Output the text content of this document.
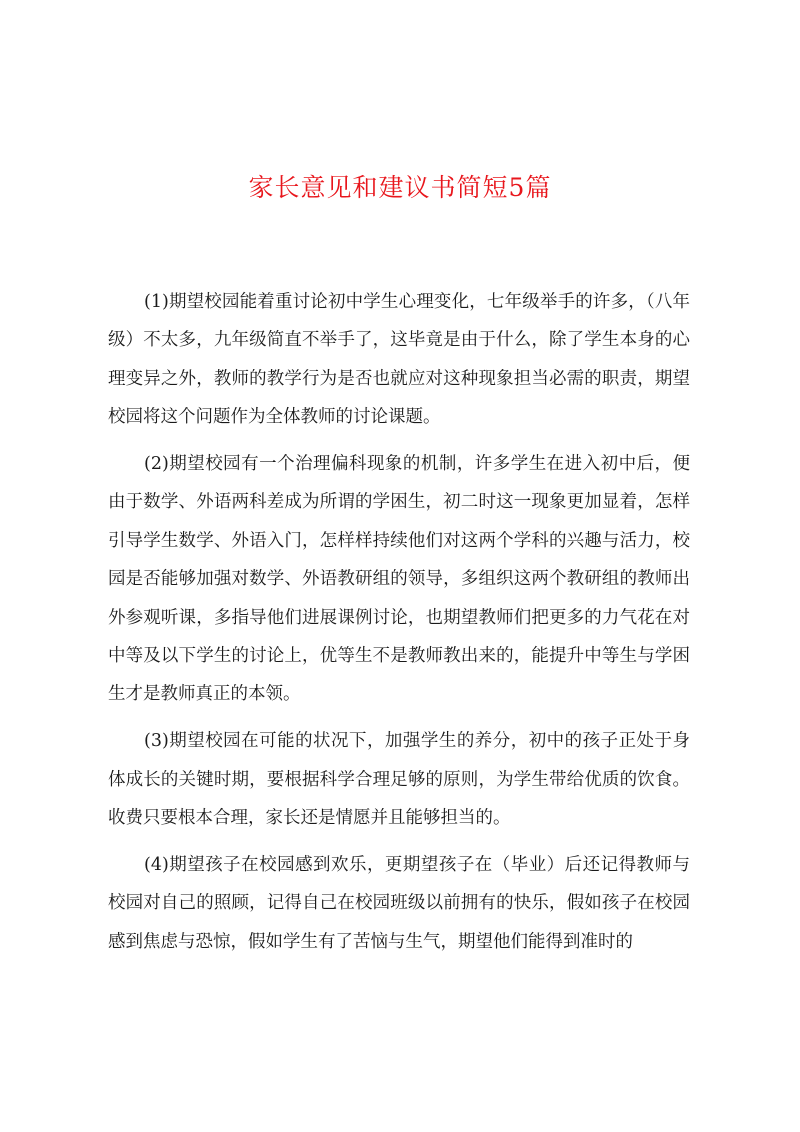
家长意见和建议书简短5篇

(1)期望校园能着重讨论初中学生心理变化，七年级举手的许多，（八年级）不太多，九年级简直不举手了，这毕竟是由于什么，除了学生本身的心理变异之外，教师的教学行为是否也就应对这种现象担当必需的职责，期望校园将这个问题作为全体教师的讨论课题。

(2)期望校园有一个治理偏科现象的机制，许多学生在进入初中后，便由于数学、外语两科差成为所谓的学困生，初二时这一现象更加显着，怎样引导学生数学、外语入门，怎样样持续他们对这两个学科的兴趣与活力，校园是否能够加强对数学、外语教研组的领导，多组织这两个教研组的教师出外参观听课，多指导他们进展课例讨论，也期望教师们把更多的力气花在对中等及以下学生的讨论上，优等生不是教师教出来的，能提升中等生与学困生才是教师真正的本领。

(3)期望校园在可能的状况下，加强学生的养分，初中的孩子正处于身体成长的关键时期，要根据科学合理足够的原则，为学生带给优质的饮食。收费只要根本合理，家长还是情愿并且能够担当的。

(4)期望孩子在校园感到欢乐，更期望孩子在（毕业）后还记得教师与校园对自己的照顾，记得自己在校园班级以前拥有的快乐，假如孩子在校园感到焦虑与恐惊，假如学生有了苦恼与生气，期望他们能得到准时的
